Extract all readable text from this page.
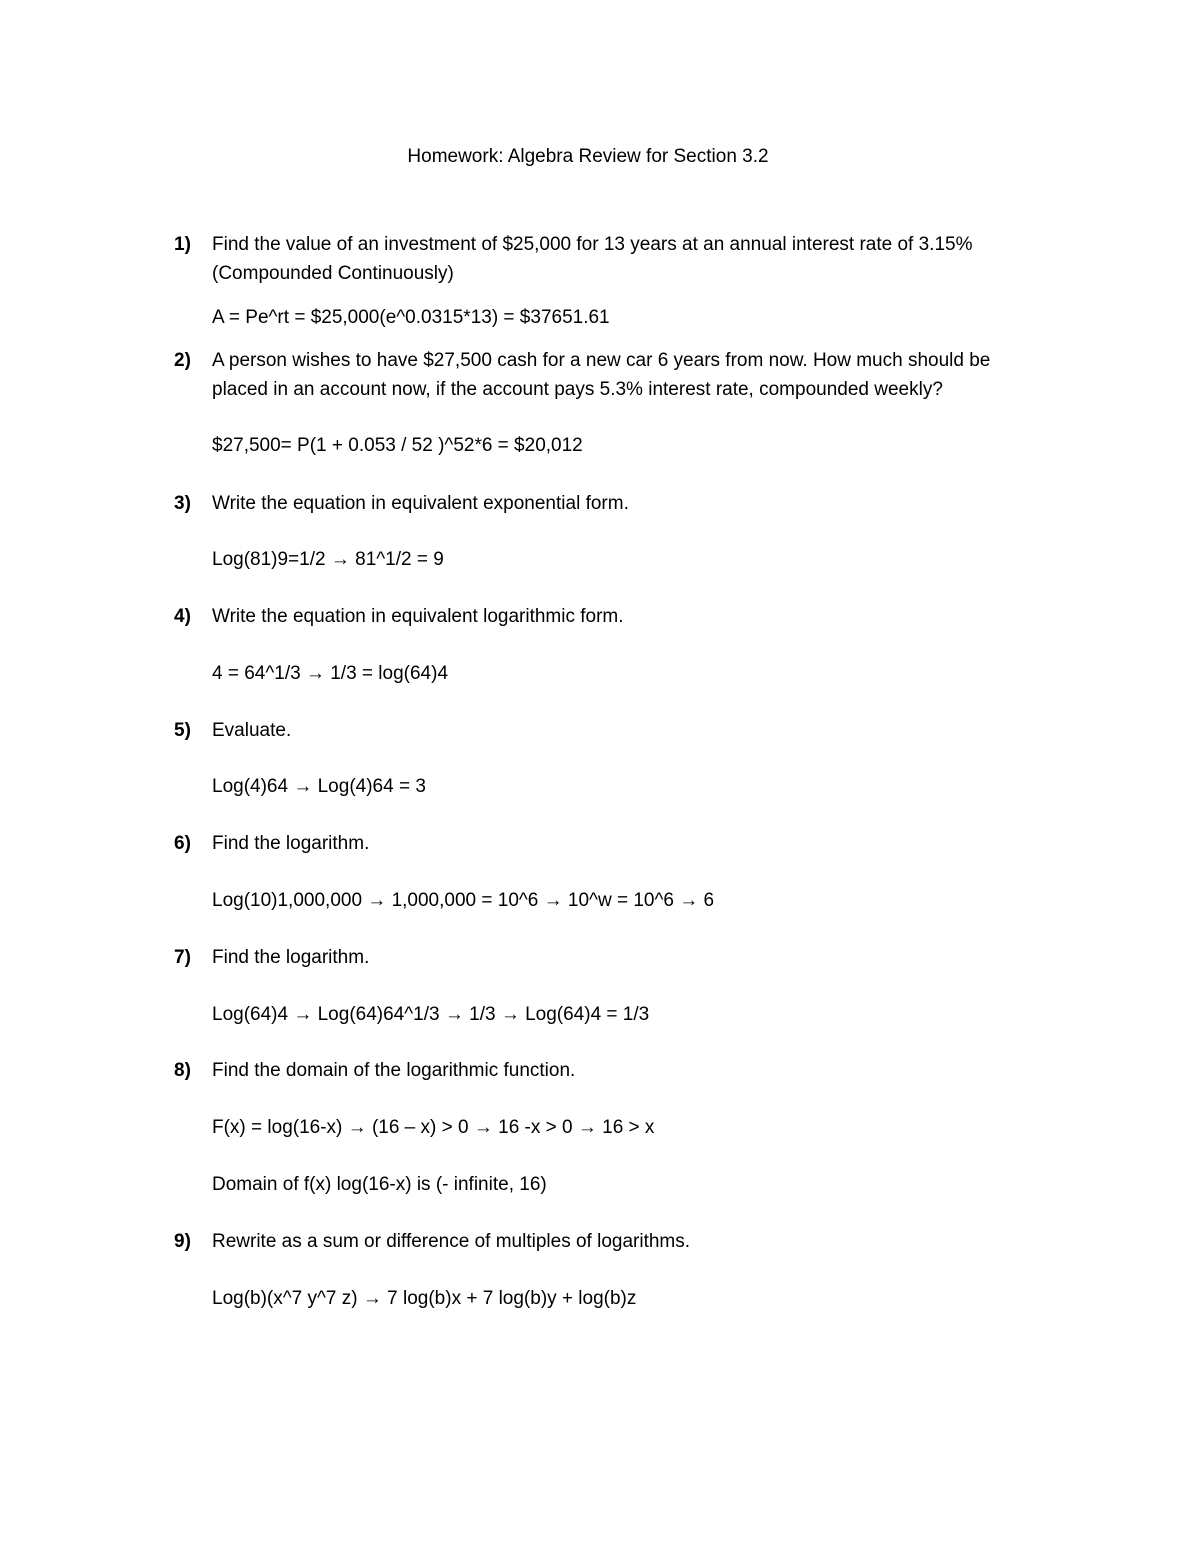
Homework: Algebra Review for Section 3.2
1) Find the value of an investment of $25,000 for 13 years at an annual interest rate of 3.15%
(Compounded Continuously)
A = Pe^rt = $25,000(e^0.0315*13) = $37651.61
2) A person wishes to have $27,500 cash for a new car 6 years from now. How much should be
placed in an account now, if the account pays 5.3% interest rate, compounded weekly?
$27,500= P(1 + 0.053 / 52 )^52*6 = $20,012
3) Write the equation in equivalent exponential form.
Log(81)9=1/2 → 81^1/2 = 9
4) Write the equation in equivalent logarithmic form.
4 = 64^1/3 → 1/3 = log(64)4
5) Evaluate.
Log(4)64 → Log(4)64 = 3
6) Find the logarithm.
Log(10)1,000,000 → 1,000,000 = 10^6 → 10^w = 10^6 → 6
7) Find the logarithm.
Log(64)4 → Log(64)64^1/3 → 1/3 → Log(64)4 = 1/3
8) Find the domain of the logarithmic function.
F(x) = log(16-x) → (16 – x) > 0 → 16 -x > 0 → 16 > x
Domain of f(x) log(16-x) is (- infinite, 16)
9) Rewrite as a sum or difference of multiples of logarithms.
Log(b)(x^7 y^7 z) → 7 log(b)x + 7 log(b)y + log(b)z
